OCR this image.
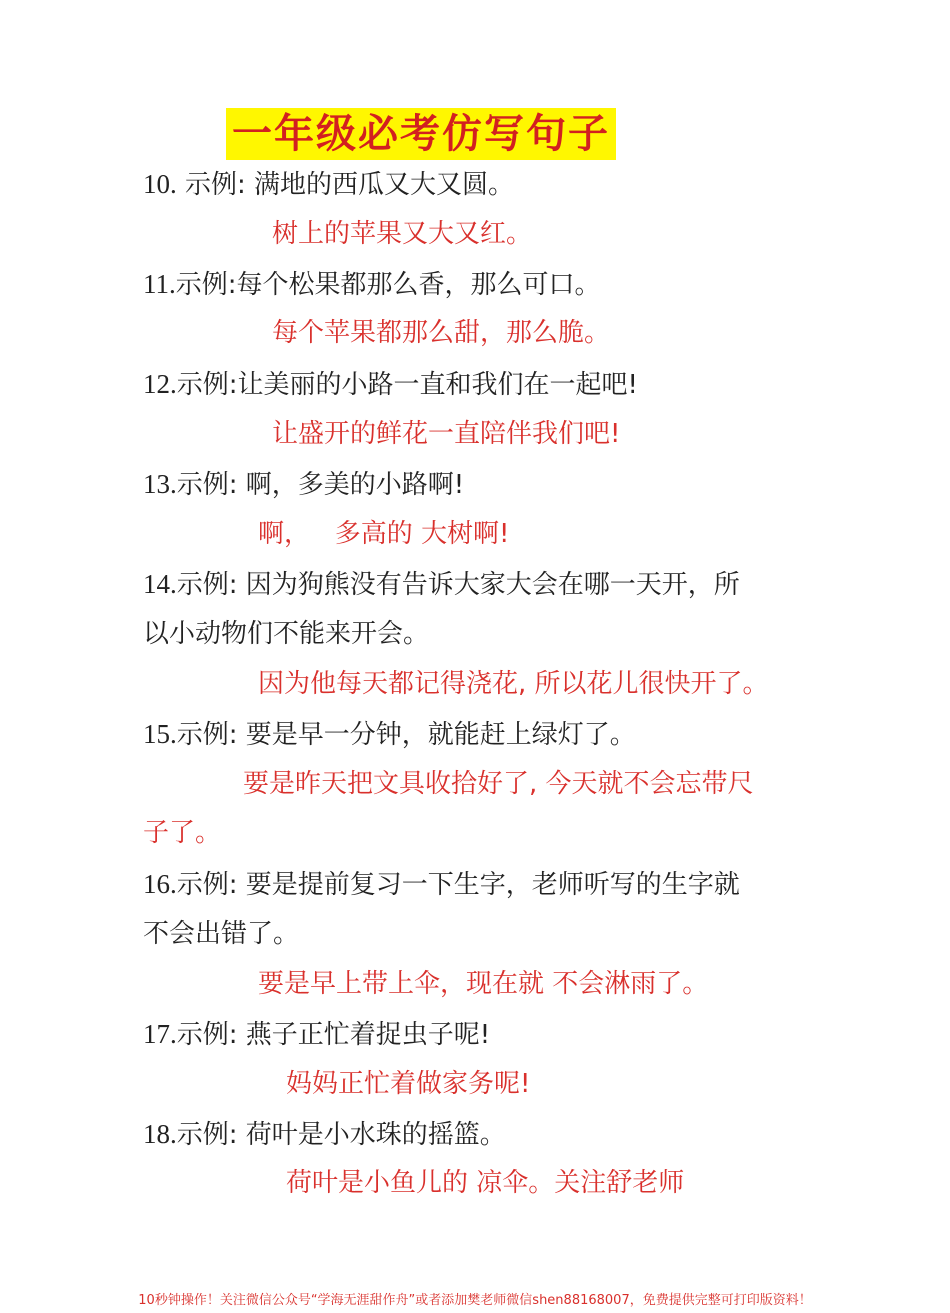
一年级必考仿写句子
10. 示例: 满地的西瓜又大又圆。
树上的苹果又大又红。
11.示例:每个松果都那么香，那么可口。
每个苹果都那么甜，那么脆。
12.示例:让美丽的小路一直和我们在一起吧!
让盛开的鲜花一直陪伴我们吧!
13.示例: 啊，多美的小路啊!
啊，   多高的 大树啊!
14.示例: 因为狗熊没有告诉大家大会在哪一天开，所
以小动物们不能来开会。
因为他每天都记得浇花, 所以花儿很快开了。
15.示例: 要是早一分钟，就能赶上绿灯了。
要是昨天把文具收拾好了, 今天就不会忘带尺
子了。
16.示例: 要是提前复习一下生字，老师听写的生字就
不会出错了。
要是早上带上伞，现在就 不会淋雨了。
17.示例: 燕子正忙着捉虫子呢!
妈妈正忙着做家务呢!
18.示例: 荷叶是小水珠的摇篮。
荷叶是小鱼儿的 凉伞。关注舒老师
10秒钟操作！关注微信公众号“学海无涯甜作舟”或者添加樊老师微信shen88168007，免费提供完整可打印版资料！
